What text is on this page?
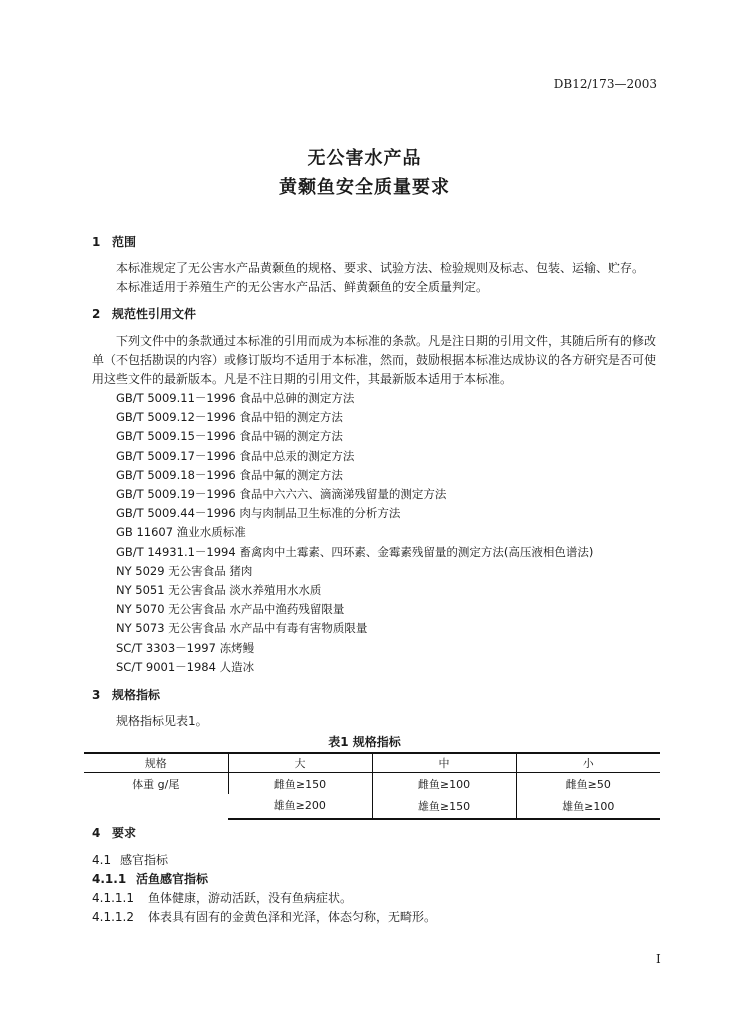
DB12/173—2003
无公害水产品
黄颡鱼安全质量要求
1 范围
本标准规定了无公害水产品黄颡鱼的规格、要求、试验方法、检验规则及标志、包装、运输、贮存。
本标准适用于养殖生产的无公害水产品活、鲜黄颡鱼的安全质量判定。
2 规范性引用文件
下列文件中的条款通过本标准的引用而成为本标准的条款。凡是注日期的引用文件，其随后所有的修改单（不包括勘误的内容）或修订版均不适用于本标准，然而，鼓励根据本标准达成协议的各方研究是否可使用这些文件的最新版本。凡是不注日期的引用文件，其最新版本适用于本标准。
GB/T 5009.11－1996 食品中总砷的测定方法
GB/T 5009.12－1996 食品中铅的测定方法
GB/T 5009.15－1996 食品中镉的测定方法
GB/T 5009.17－1996 食品中总汞的测定方法
GB/T 5009.18－1996 食品中氟的测定方法
GB/T 5009.19－1996 食品中六六六、滴滴涕残留量的测定方法
GB/T 5009.44－1996 肉与肉制品卫生标准的分析方法
GB 11607 渔业水质标准
GB/T 14931.1－1994 畜禽肉中土霉素、四环素、金霉素残留量的测定方法(高压液相色谱法)
NY 5029 无公害食品 猪肉
NY 5051 无公害食品 淡水养殖用水水质
NY 5070 无公害食品 水产品中渔药残留限量
NY 5073 无公害食品 水产品中有毒有害物质限量
SC/T 3303－1997 冻烤鳗
SC/T 9001－1984 人造冰
3 规格指标
规格指标见表1。
表1 规格指标
规格	大	中	小
体重 g/尾	雌鱼≥150	雌鱼≥100	雌鱼≥50
	雄鱼≥200	雄鱼≥150	雄鱼≥100
4 要求
4.1 感官指标
4.1.1 活鱼感官指标
4.1.1.1 鱼体健康，游动活跃，没有鱼病症状。
4.1.1.2 体表具有固有的金黄色泽和光泽，体态匀称，无畸形。
I
